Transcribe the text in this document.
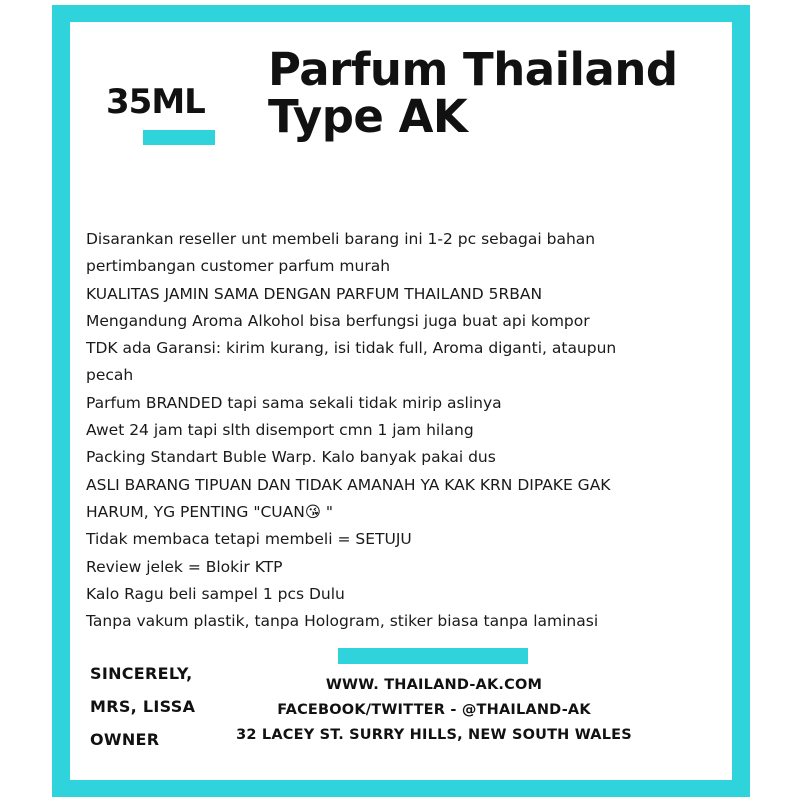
35ML
Parfum Thailand
Type AK
Disarankan reseller unt membeli barang ini 1-2 pc sebagai bahan
pertimbangan customer parfum murah
KUALITAS JAMIN SAMA DENGAN PARFUM THAILAND 5RBAN
Mengandung Aroma Alkohol bisa berfungsi juga buat api kompor
TDK ada Garansi: kirim kurang, isi tidak full, Aroma diganti, ataupun
pecah
Parfum BRANDED tapi sama sekali tidak mirip aslinya
Awet 24 jam tapi slth disemport cmn 1 jam hilang
Packing Standart Buble Warp. Kalo banyak pakai dus
ASLI BARANG TIPUAN DAN TIDAK AMANAH YA KAK KRN DIPAKE GAK
HARUM, YG PENTING "CUAN😘 "
Tidak membaca tetapi membeli = SETUJU
Review jelek = Blokir KTP
Kalo Ragu beli sampel 1 pcs Dulu
Tanpa vakum plastik, tanpa Hologram, stiker biasa tanpa laminasi
SINCERELY,
MRS, LISSA
OWNER
WWW. THAILAND-AK.COM
FACEBOOK/TWITTER - @THAILAND-AK
32 LACEY ST. SURRY HILLS, NEW SOUTH WALES
